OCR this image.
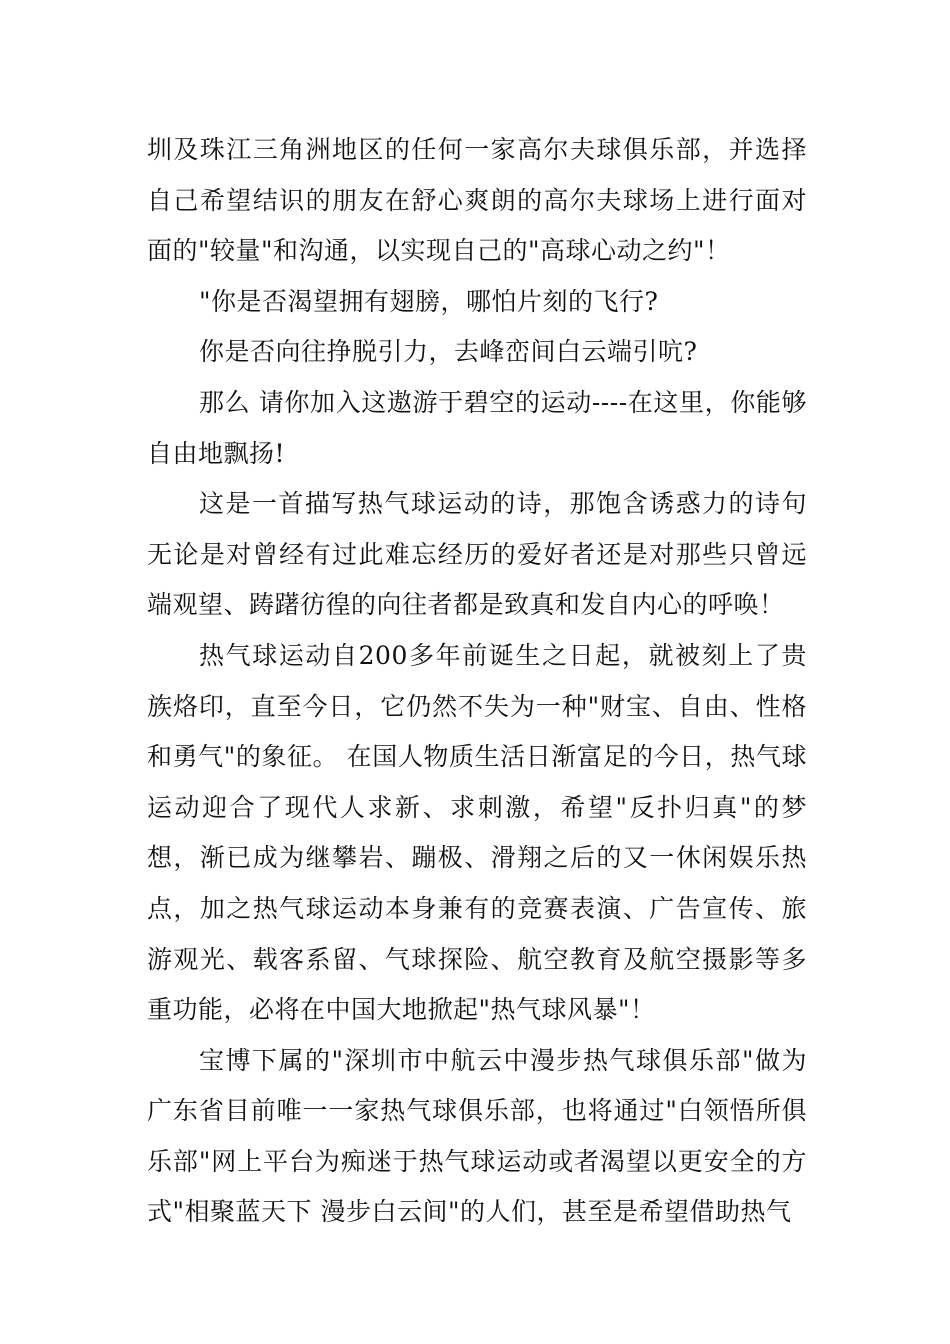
圳及珠江三角洲地区的任何一家高尔夫球俱乐部，并选择自己希望结识的朋友在舒心爽朗的高尔夫球场上进行面对面的"较量"和沟通，以实现自己的"高球心动之约"！

"你是否渴望拥有翅膀，哪怕片刻的飞行?

你是否向往挣脱引力，去峰峦间白云端引吭?

那么 请你加入这遨游于碧空的运动----在这里，你能够自由地飘扬!

这是一首描写热气球运动的诗，那饱含诱惑力的诗句无论是对曾经有过此难忘经历的爱好者还是对那些只曾远端观望、踌躇彷徨的向往者都是致真和发自内心的呼唤！

热气球运动自200多年前诞生之日起，就被刻上了贵族烙印，直至今日，它仍然不失为一种"财宝、自由、性格和勇气"的象征。 在国人物质生活日渐富足的今日，热气球运动迎合了现代人求新、求刺激，希望"反扑归真"的梦想，渐已成为继攀岩、蹦极、滑翔之后的又一休闲娱乐热点，加之热气球运动本身兼有的竞赛表演、广告宣传、旅游观光、载客系留、气球探险、航空教育及航空摄影等多重功能，必将在中国大地掀起"热气球风暴"！

宝博下属的"深圳市中航云中漫步热气球俱乐部"做为广东省目前唯一一家热气球俱乐部，也将通过"白领悟所俱乐部"网上平台为痴迷于热气球运动或者渴望以更安全的方式"相聚蓝天下 漫步白云间"的人们，甚至是希望借助热气
